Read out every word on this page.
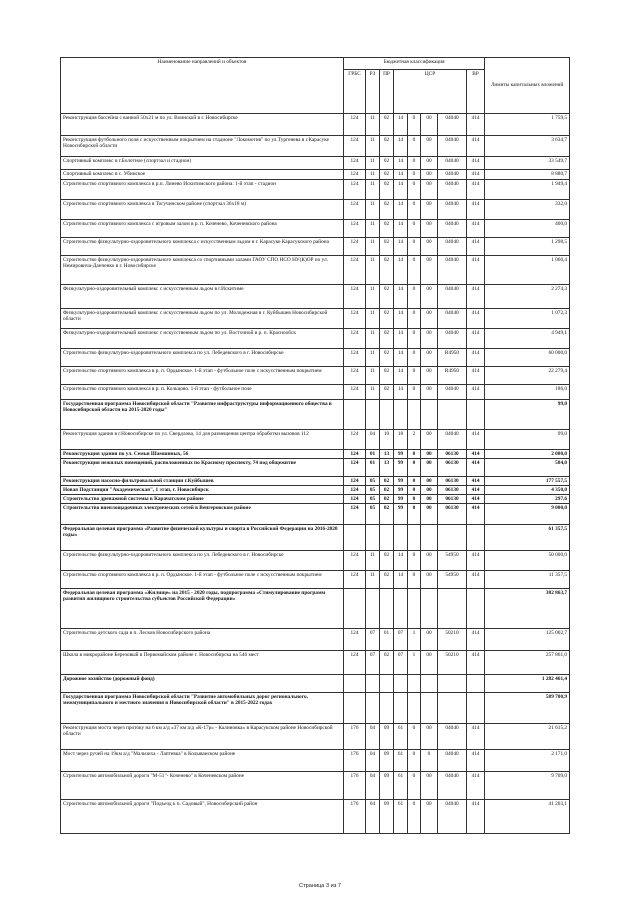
Наименование направлений и объектов	Бюджетная классификация								Лимиты капитальных вложений
	ГРБС	РЗ	ПР	ЦСР				ВР	
Реконструкция бассейна с ванной 50х21 м по ул. Воинской в г. Новосибирске	124	11	02	14	0	00	04040	414	1 759,5
Реконструкция футбольного поля с искусственным покрытием на стадионе "Локомотив" по ул.Тургенева в г.Карасуке Новосибирской области	124	11	02	14	0	00	04040	414	3 634,7
Спортивный комплекс в г.Болотное (спортзал и стадион)	124	11	02	14	0	00	04040	414	33 549,7
Спортивный комплекс в с. Убинское	124	11	02	14	0	00	04040	414	8 880,7
Строительство спортивного комплекса в р.п. Линево Искитимского района: 1-й этап - стадион	124	11	02	14	0	00	04040	414	1 949,4
Строительство спортивного комплекса в Тогучинском районе (спортзал 36х18 м)	124	11	02	14	0	00	04040	414	332,0
Строительство спортивного комплекса с игровым залом в р. п. Коченево, Коченевского района	124	11	02	14	0	00	04040	414	400,0
Строительство физкультурно-оздоровительного комплекса с искусственным льдом в г. Карасуке Карасукского района	124	11	02	14	0	00	04040	414	1 298,5
Строительство физкультурно-оздоровительного комплекса со спортивными залами ГАОУ СПО НСО НУ(К)ОР по ул. Немировича-Данченко в г. Новосибирске	124	11	02	14	0	00	04040	414	1 060,4
Физкультурно-оздоровительный комплекс с искусственным льдом в г.Искитиме	124	11	02	14	0	00	04040	414	2 274,3
Физкультурно-оздоровительный комплекс с искусственным льдом по ул. Молодежная в г. Куйбышев Новосибирской области	124	11	02	14	0	00	04040	414	1 072,3
Физкультурно-оздоровительный комплекс с искусственным льдом по ул. Восточной в р. п. Краснообск	124	11	02	14	0	00	04040	414	4 949,1
Строительство физкультурно-оздоровительного комплекса по ул. Лебедевского в г. Новосибирске	124	11	02	14	0	00	R4950	414	60 000,0
Строительство спортивного комплекса в р. п. Ордынское. 1-й этап - футбольное поле с искусственным покрытием	124	11	02	14	0	00	R4950	414	22 279,4
Строительство спортивного комплекса в р. п. Кольцово. 1-й этап - футбольное поле	124	11	02	14	0	00	04040	414	186,0
Государственная программа Новосибирской области "Развитие инфраструктуры информационного общества в Новосибирской области на 2015-2020 годы"									99,0
Реконструкция здания в г.Новосибирске по ул. Свердлова, 14 для размещения центра обработки вызовов 112	124	04	10	18	2	00	04040	414	99,0
Реконструкция здания по ул. Семьи Шамшиных, 56	124	01	13	99	0	00	06130	414	2 080,0
Реконструкция нежилых помещений, расположенных по Красному проспекту, 74 под общежитие	124	01	13	99	0	00	06130	414	584,0
Реконструкция насосно-фильтровальной станции г.Куйбышев	124	05	02	99	0	00	06130	414	177 557,5
Новая Подстанция "Академическая", 1 этап, г. Новосибирск	124	05	02	99	0	00	06130	414	4 350,0
Строительство дренажной системы в Карачатском районе	124	05	02	99	0	00	06130	414	297,6
Строительство внеплощадочных электрических сетей в Венгеровском районе	124	05	02	99	0	00	06130	414	9 000,0
Федеральная целевая программа «Развитие физической культуры и спорта в Российской Федерации на 2016-2020 годы»									61 357,5
Строительство физкультурно-оздоровительного комплекса по ул. Лебедевского в г. Новосибирске	124	11	02	14	0	00	54950	414	50 000,0
Строительство спортивного комплекса в р. п. Ордынское. 1-й этап - футбольное поле с искусственным покрытием	124	11	02	14	0	00	54950	414	11 357,5
Федеральная целевая программа «Жилище» на 2015 - 2020 годы, подпрограмма «Стимулирование программ развития жилищного строительства субъектов Российской Федерации»									382 863,7
Строительство детского сада в п. Лесков Новосибирского района	124	07	01	07	1	00	50210	414	125 002,7
Школа в микрорайоне Березовый в Первомайском районе г. Новосибирска на 546 мест	124	07	02	07	1	00	50210	414	257 861,0
Дорожное хозяйство (дорожный фонд)									1 282 461,4
Государственная программа Новосибирской области "Развитие автомобильных дорог регионального, межмуниципального и местного значения в Новосибирской области" в 2015-2022 годах									589 700,9
Реконструкция моста через протоку на 6 км а/д «37 км а/д «К-17р» - Калиновка» в Карасукском районе Новосибирской области	176	04	09	61	0	00	04040	414	21 615,2
Мост через ручей на 19км а/д "Мальчиха - Лаптевка" в Колыванском районе	176	04	09	61	0	0	04040	414	2 171,0
Строительство автомобильной дороги "М-51"- Коченево" в Коченевском районе	176	04	09	61	0	00	04040	414	9 709,0
Строительство автомобильной дороги "Подъезд к п. Садовый", Новосибирский район	176	04	09	61	0	00	04040	414	41 203,1
Страница 3 из 7
